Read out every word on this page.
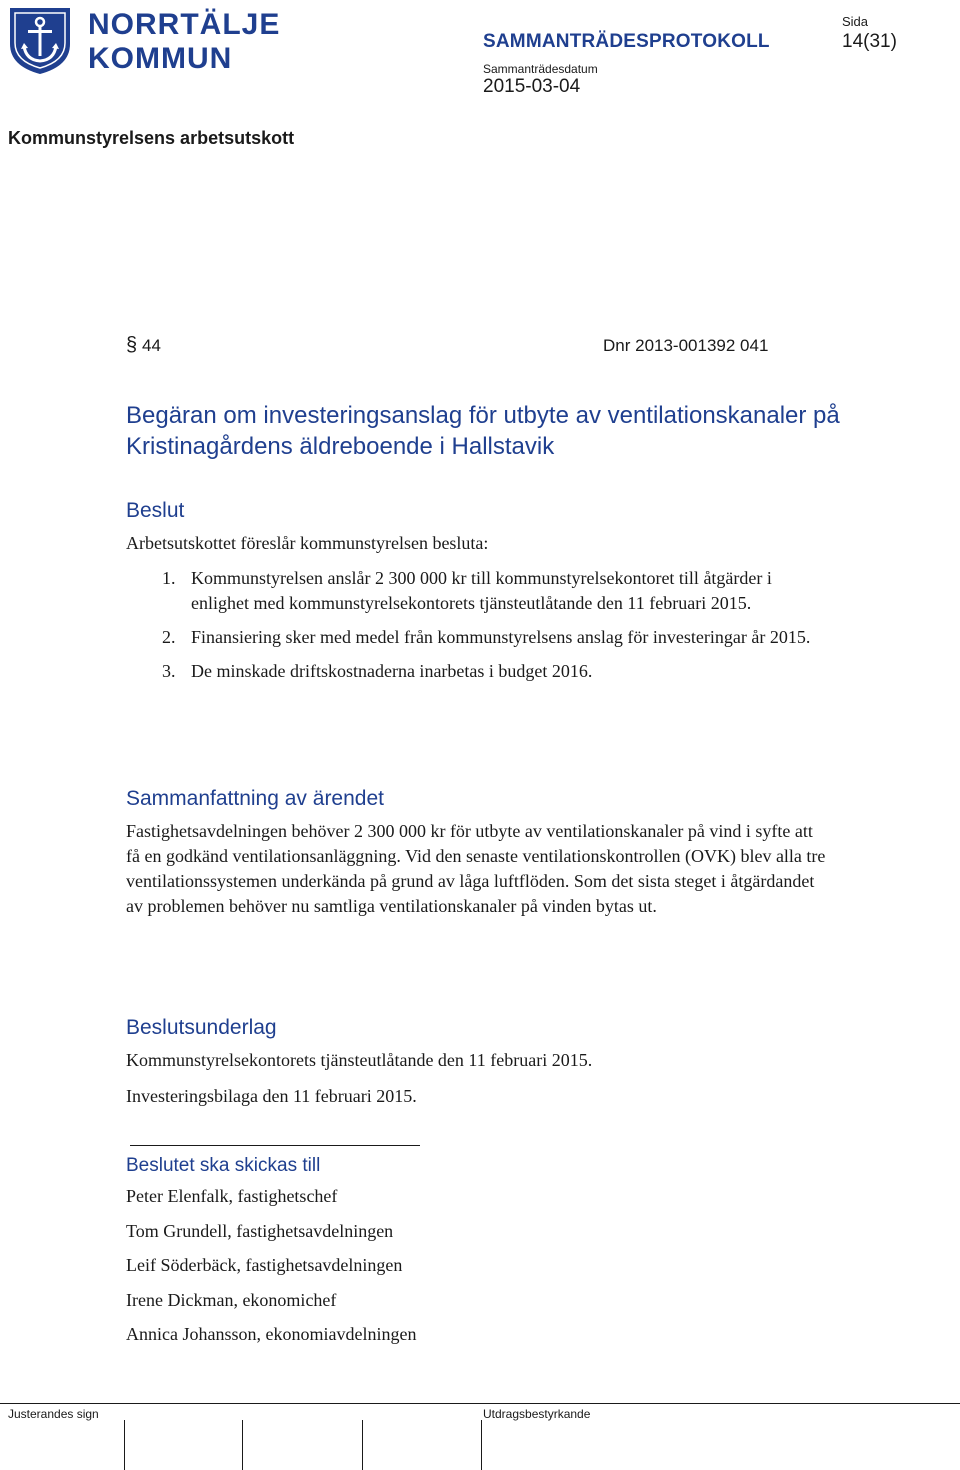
NORRTÄLJE
KOMMUN
SAMMANTRÄDESPROTOKOLL
Sammanträdesdatum
2015-03-04
Sida
14(31)
Kommunstyrelsens arbetsutskott
§ 44	Dnr 2013-001392 041
Begäran om investeringsanslag för utbyte av ventilationskanaler på Kristinagårdens äldreboende i Hallstavik
Beslut
Arbetsutskottet föreslår kommunstyrelsen besluta:
1. Kommunstyrelsen anslår 2 300 000 kr till kommunstyrelsekontoret till åtgärder i enlighet med kommunstyrelsekontorets tjänsteutlåtande den 11 februari 2015.
2. Finansiering sker med medel från kommunstyrelsens anslag för investeringar år 2015.
3. De minskade driftskostnaderna inarbetas i budget 2016.
Sammanfattning av ärendet
Fastighetsavdelningen behöver 2 300 000 kr för utbyte av ventilationskanaler på vind i syfte att få en godkänd ventilationsanläggning. Vid den senaste ventilationskontrollen (OVK) blev alla tre ventilationssystemen underkända på grund av låga luftflöden. Som det sista steget i åtgärdandet av problemen behöver nu samtliga ventilationskanaler på vinden bytas ut.
Beslutsunderlag
Kommunstyrelsekontorets tjänsteutlåtande den 11 februari 2015.
Investeringsbilaga den 11 februari 2015.
Beslutet ska skickas till
Peter Elenfalk, fastighetschef
Tom Grundell, fastighetsavdelningen
Leif Söderbäck, fastighetsavdelningen
Irene Dickman, ekonomichef
Annica Johansson, ekonomiavdelningen
Justerandes sign	Utdragsbestyrkande
